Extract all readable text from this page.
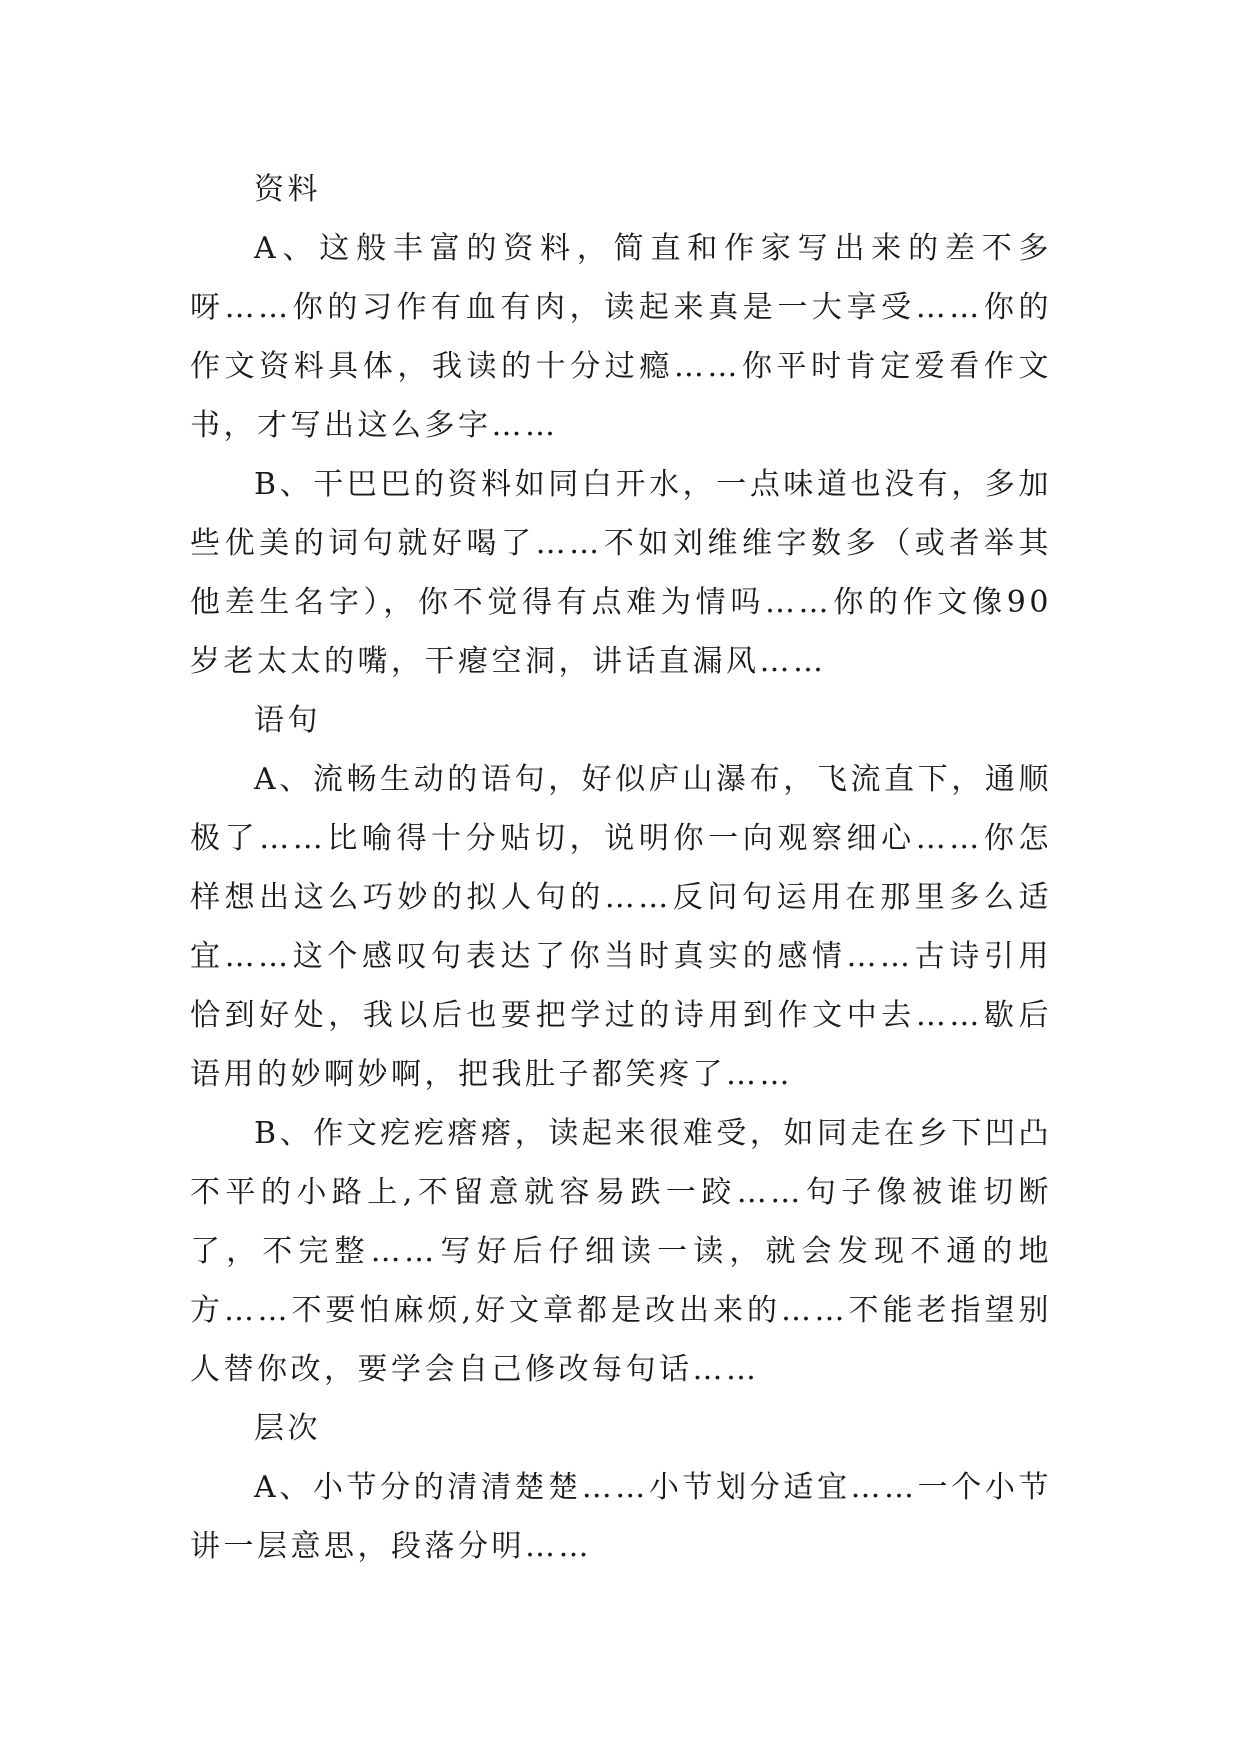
资料

A、这般丰富的资料，简直和作家写出来的差不多呀……你的习作有血有肉，读起来真是一大享受……你的作文资料具体，我读的十分过瘾……你平时肯定爱看作文书，才写出这么多字……

B、干巴巴的资料如同白开水，一点味道也没有，多加些优美的词句就好喝了……不如刘维维字数多（或者举其他差生名字），你不觉得有点难为情吗……你的作文像90岁老太太的嘴，干瘪空洞，讲话直漏风……

语句

A、流畅生动的语句，好似庐山瀑布，飞流直下，通顺极了……比喻得十分贴切，说明你一向观察细心……你怎样想出这么巧妙的拟人句的……反问句运用在那里多么适宜……这个感叹句表达了你当时真实的感情……古诗引用恰到好处，我以后也要把学过的诗用到作文中去……歇后语用的妙啊妙啊，把我肚子都笑疼了……

B、作文疙疙瘩瘩，读起来很难受，如同走在乡下凹凸不平的小路上,不留意就容易跌一跤……句子像被谁切断了，不完整……写好后仔细读一读，就会发现不通的地方……不要怕麻烦,好文章都是改出来的……不能老指望别人替你改，要学会自己修改每句话……

层次

A、小节分的清清楚楚……小节划分适宜……一个小节讲一层意思，段落分明……
